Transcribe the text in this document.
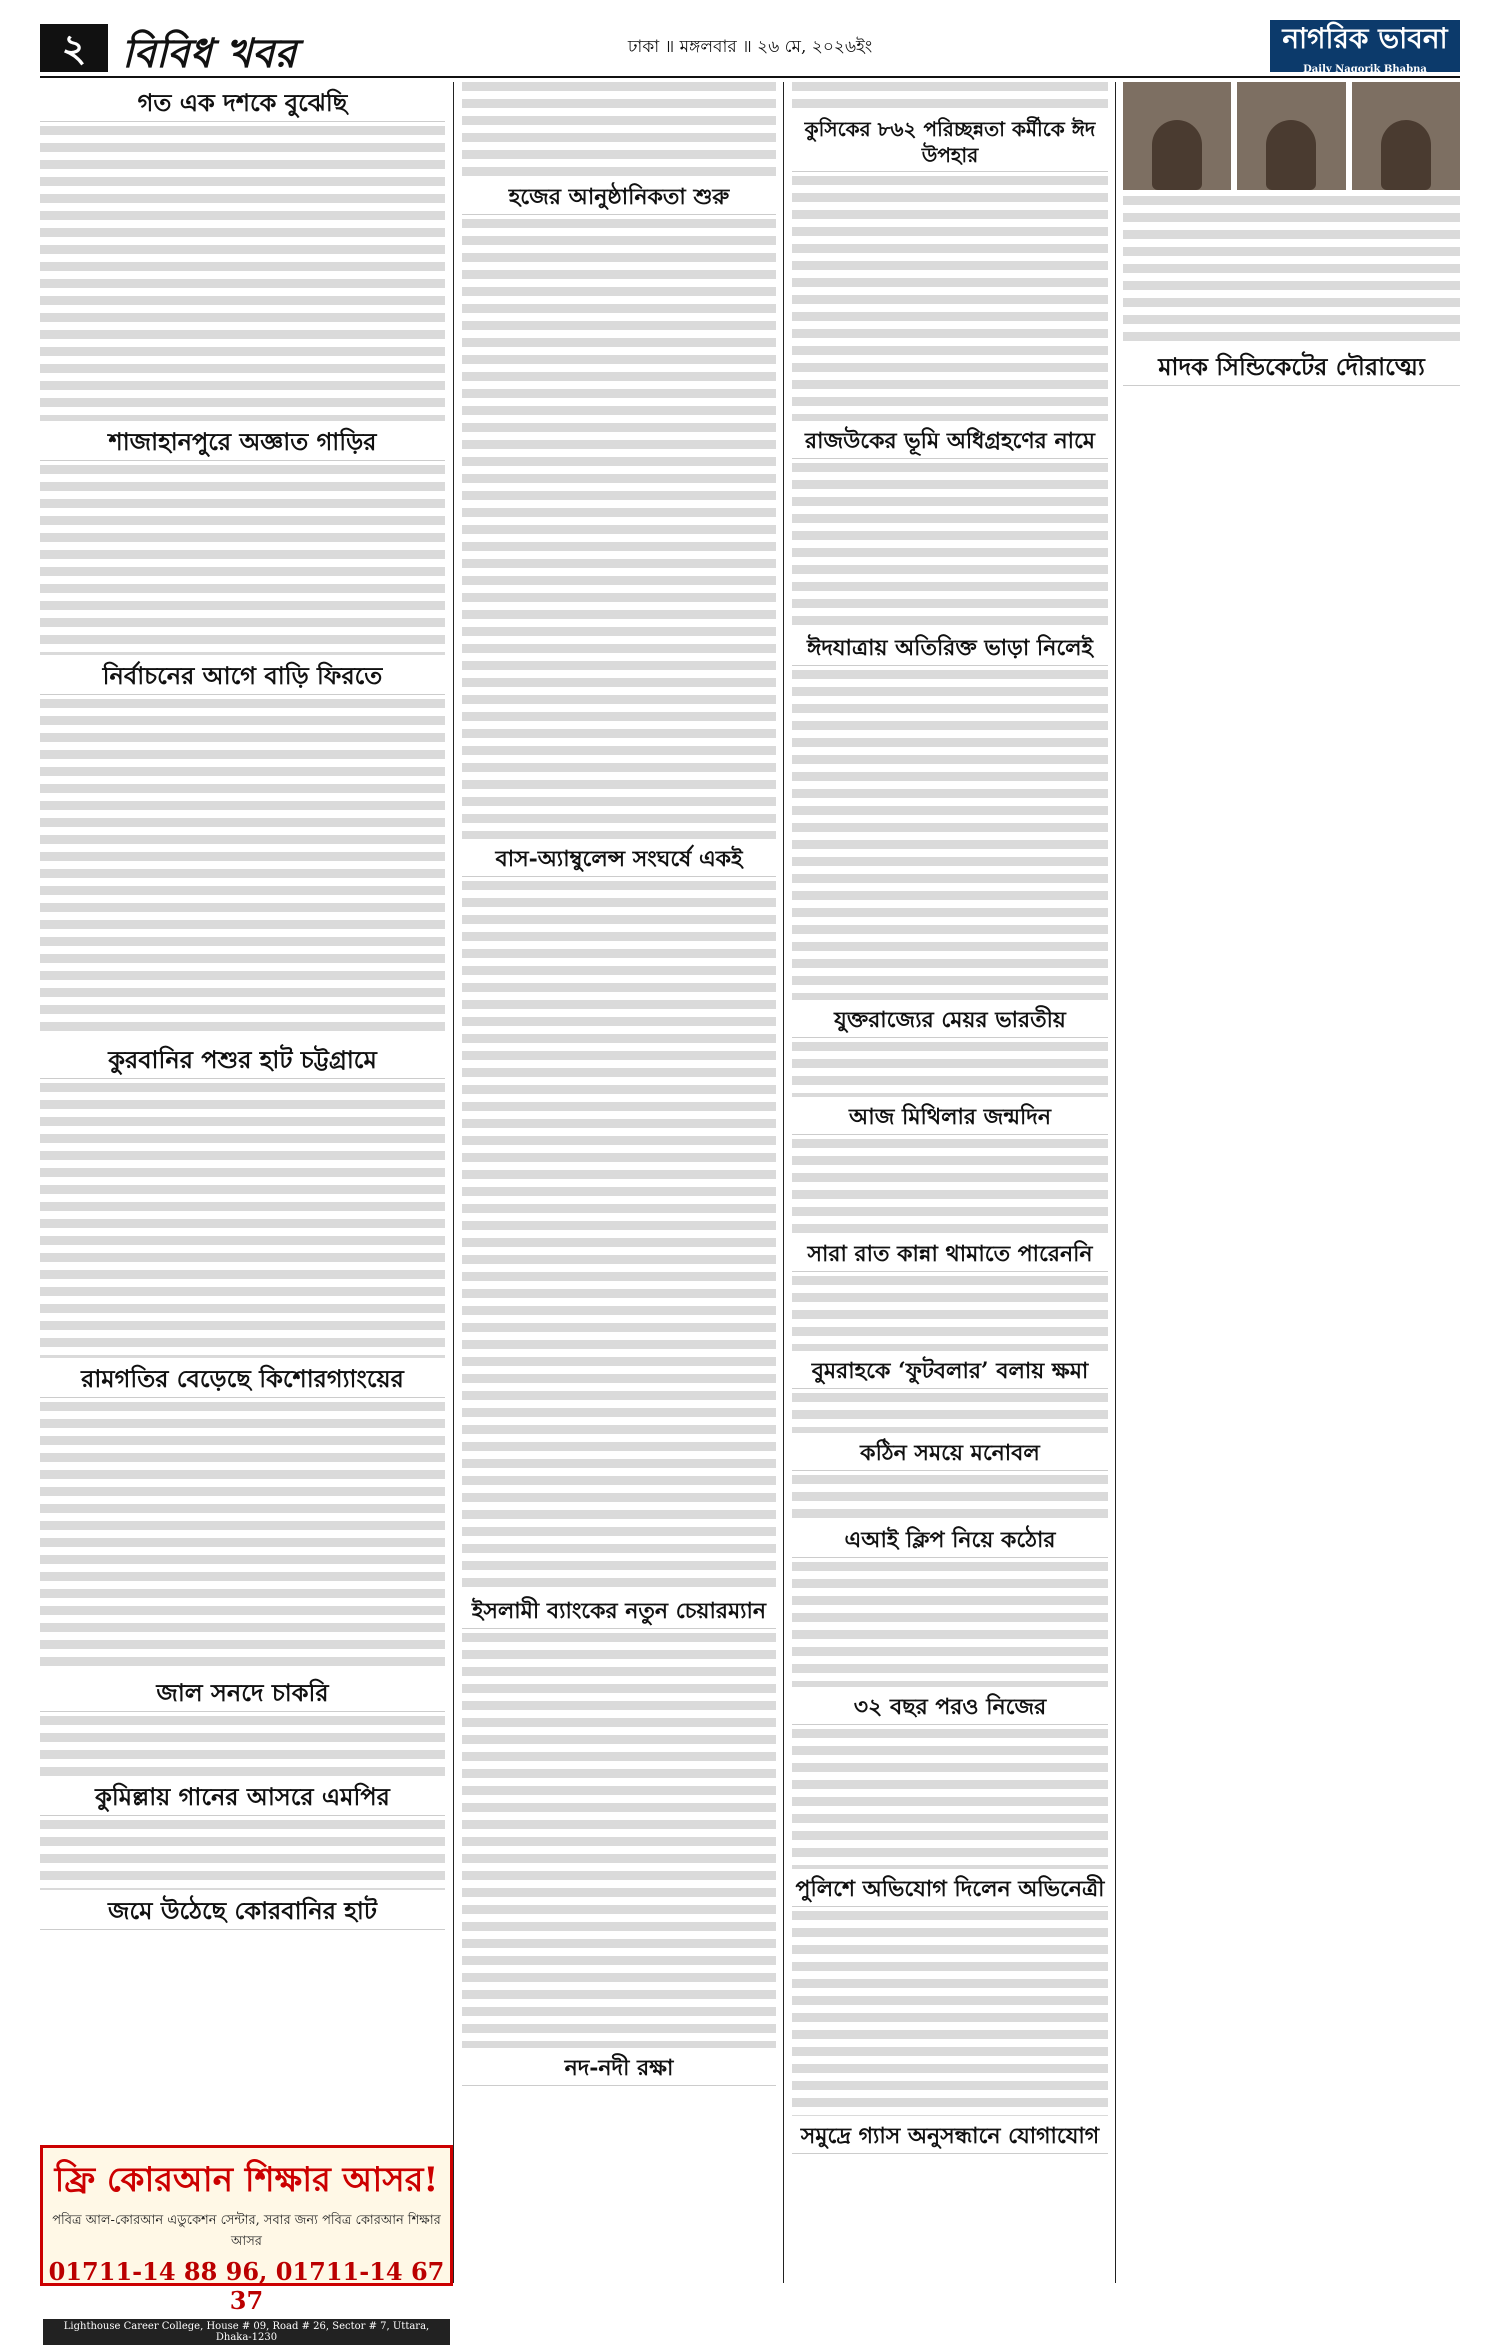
২ বিবিধ খবর	ঢাকা ॥ মঙ্গলবার ॥ ২৬ মে, ২০২৬ইং	নাগরিক ভাবনা
Daily Nagorik Bhabna
গত এক দশকে বুঝেছি

শাজাহানপুরে অজ্ঞাত গাড়ির

নির্বাচনের আগে বাড়ি ফিরতে

কুরবানির পশুর হাট চট্টগ্রামে

রামগতির বেড়েছে কিশোরগ্যাংয়ের

জাল সনদে চাকরি

কুমিল্লায় গানের আসরে এমপির

জমে উঠেছে কোরবানির হাট

হজের আনুষ্ঠানিকতা শুরু

বাস-অ্যাম্বুলেন্স সংঘর্ষে একই

ইসলামী ব্যাংকের নতুন চেয়ারম্যান

নদ-নদী রক্ষা

কুসিকের ৮৬২ পরিচ্ছন্নতা কর্মীকে ঈদ উপহার

রাজউকের ভূমি অধিগ্রহণের নামে

ঈদযাত্রায় অতিরিক্ত ভাড়া নিলেই

যুক্তরাজ্যের মেয়র ভারতীয়

আজ মিথিলার জন্মদিন

সারা রাত কান্না থামাতে পারেননি

বুমরাহকে ‘ফুটবলার’ বলায় ক্ষমা

কঠিন সময়ে মনোবল

এআই ক্লিপ নিয়ে কঠোর

৩২ বছর পরও নিজের

পুলিশে অভিযোগ দিলেন অভিনেত্রী

সমুদ্রে গ্যাস অনুসন্ধানে যোগাযোগ

মাদক সিন্ডিকেটের দৌরাত্ম্যে
ফ্রি কোরআন শিক্ষার আসর!
পবিত্র আল-কোরআন এডুকেশন সেন্টার, সবার জন্য পবিত্র কোরআন শিক্ষার আসর
01711-14 88 96, 01711-14 67 37
Lighthouse Career College, House # 09, Road # 26, Sector # 7, Uttara, Dhaka-1230
